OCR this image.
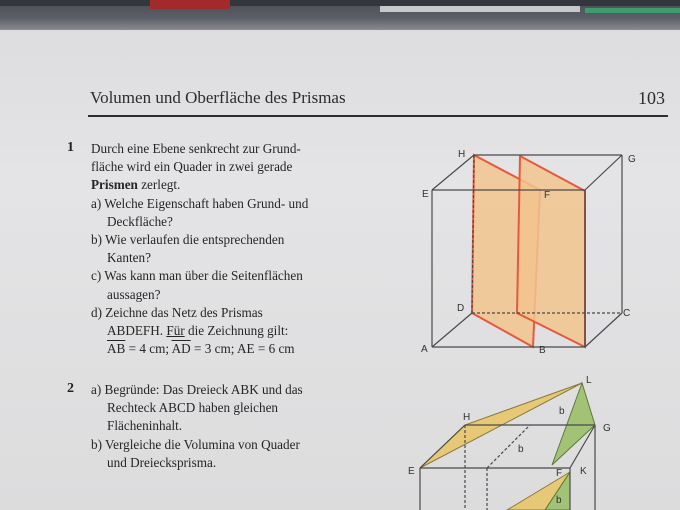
Volumen und Oberfläche des Prismas	103
1 Durch eine Ebene senkrecht zur Grund-

fläche wird ein Quader in zwei gerade

Prismen zerlegt.

a) Welche Eigenschaft haben Grund- und

Deckfläche?

b) Wie verlaufen die entsprechenden

Kanten?

c) Was kann man über die Seitenflächen

aussagen?

d) Zeichne das Netz des Prismas

ABDEFH. Für die Zeichnung gilt:

$\overline{AB} = 4$ cm; $\overline{AD} = 3$ cm; AE = 6 cm

2 a) Begründe: Das Dreieck ABK und das

Rechteck ABCD haben gleichen

Flächeninhalt.

b) Vergleiche die Volumina von Quader

und Dreiecksprisma.

H	G
E	F
D	C
A	B
L
H
G
E	F K
b
b
b
